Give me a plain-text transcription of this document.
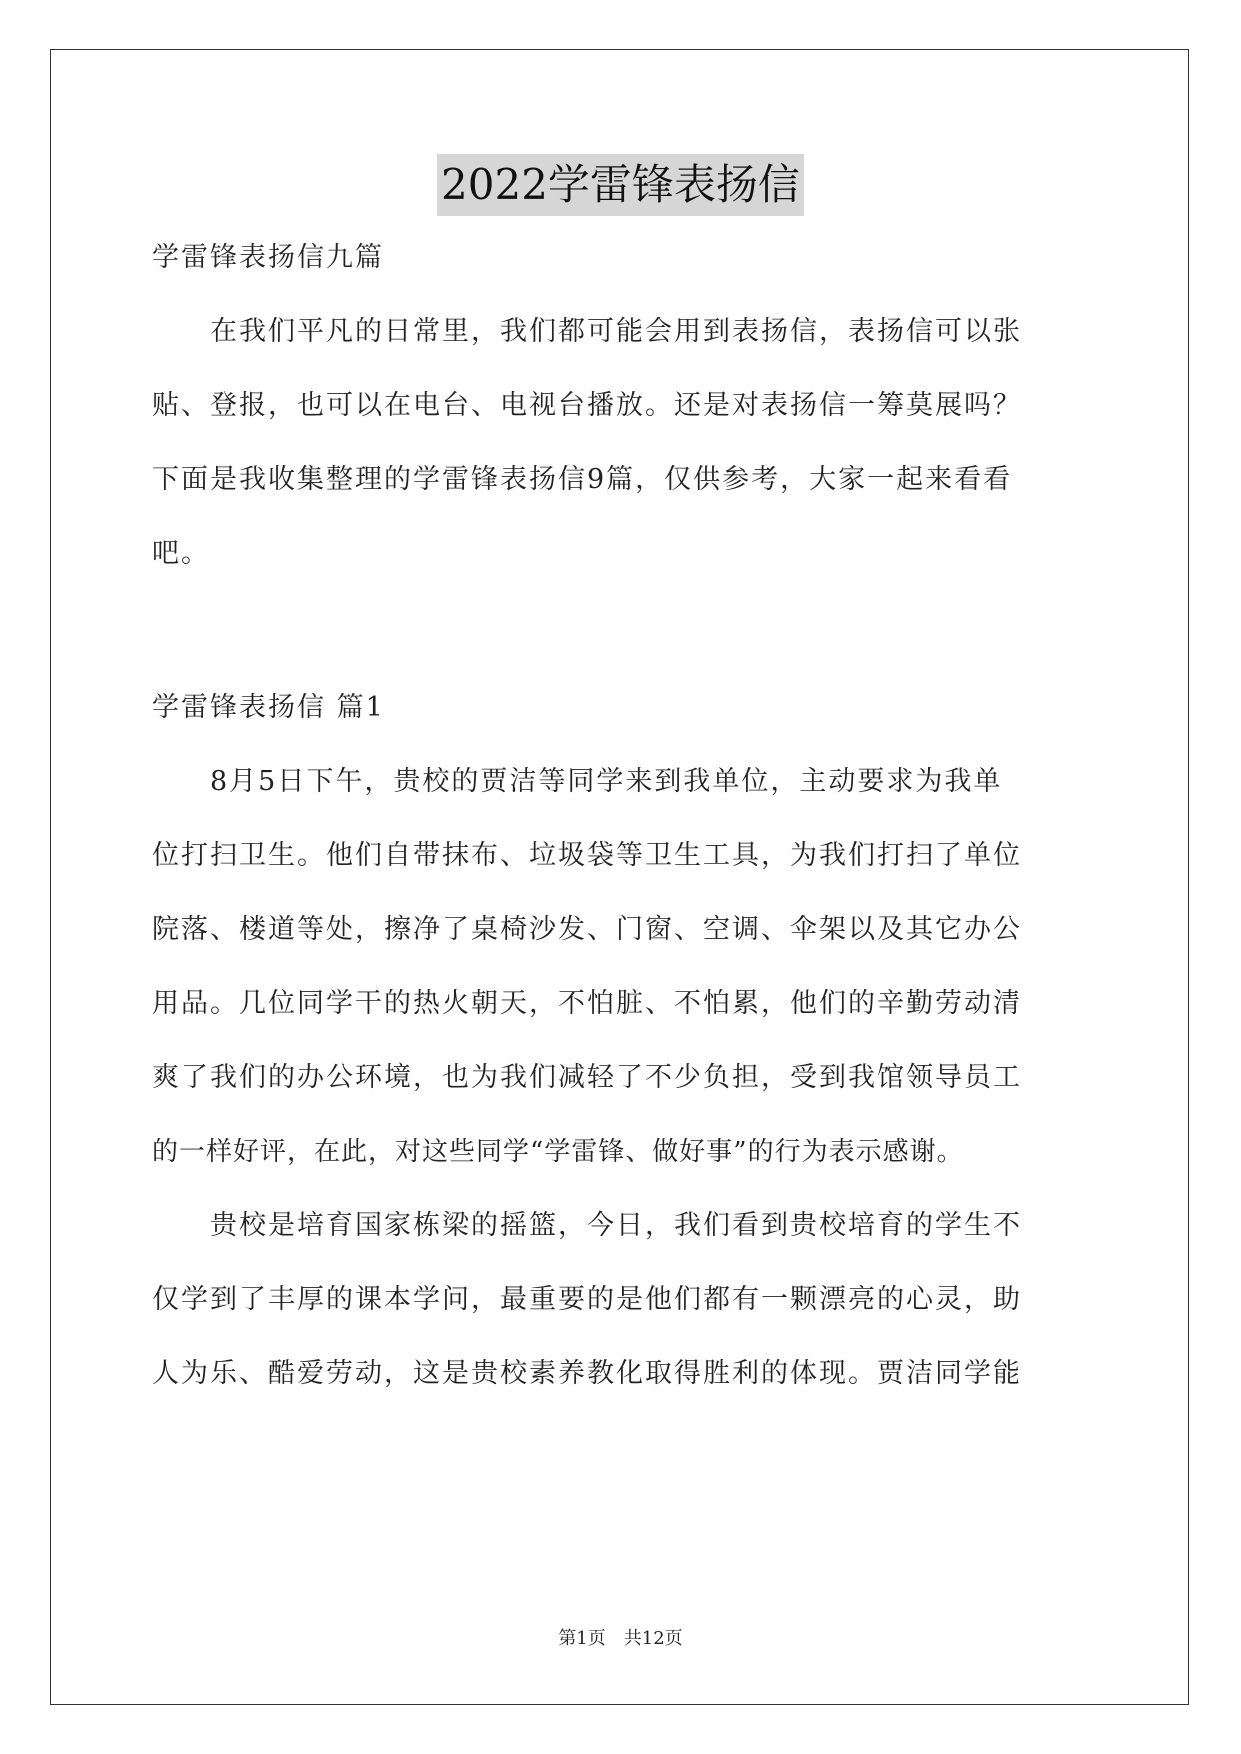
2022学雷锋表扬信
学雷锋表扬信九篇
　　在我们平凡的日常里，我们都可能会用到表扬信，表扬信可以张
贴、登报，也可以在电台、电视台播放。还是对表扬信一筹莫展吗？
下面是我收集整理的学雷锋表扬信9篇，仅供参考，大家一起来看看
吧。
学雷锋表扬信 篇1
　　8月5日下午，贵校的贾洁等同学来到我单位，主动要求为我单
位打扫卫生。他们自带抹布、垃圾袋等卫生工具，为我们打扫了单位
院落、楼道等处，擦净了桌椅沙发、门窗、空调、伞架以及其它办公
用品。几位同学干的热火朝天，不怕脏、不怕累，他们的辛勤劳动清
爽了我们的办公环境，也为我们减轻了不少负担，受到我馆领导员工
的一样好评，在此，对这些同学“学雷锋、做好事”的行为表示感谢。
　　贵校是培育国家栋梁的摇篮，今日，我们看到贵校培育的学生不
仅学到了丰厚的课本学问，最重要的是他们都有一颗漂亮的心灵，助
人为乐、酷爱劳动，这是贵校素养教化取得胜利的体现。贾洁同学能
第1页　共12页
